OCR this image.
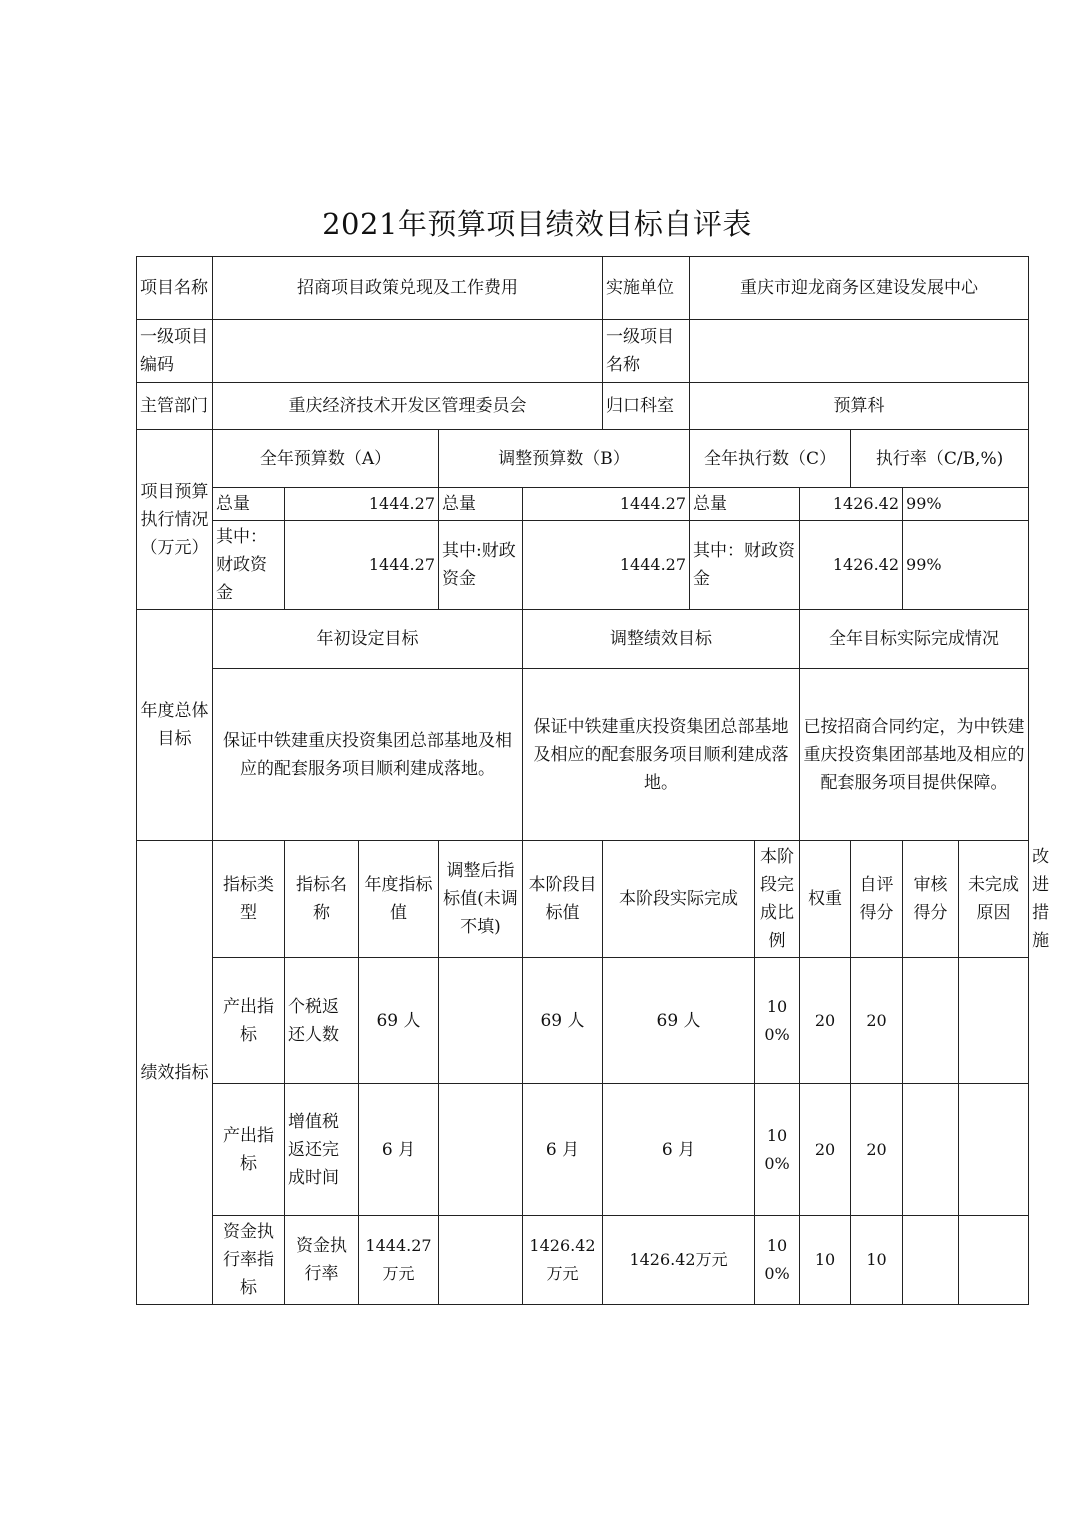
2021年预算项目绩效目标自评表
项目名称	招商项目政策兑现及工作费用					实施单位	重庆市迎龙商务区建设发展中心						
一级项目编码						一级项目名称							
主管部门	重庆经济技术开发区管理委员会					归口科室	预算科						
项目预算执行情况（万元）	全年预算数（A）			调整预算数（B）			全年执行数（C）			执行率（C/B,%)			
	总量	1444.27		总量	1444.27		总量		1426.42		99%		
	其中：财政资金	1444.27		其中:财政资金	1444.27		其中：财政资金		1426.42		99%		
年度总体目标	年初设定目标				调整绩效目标				全年目标实际完成情况				
	保证中铁建重庆投资集团总部基地及相应的配套服务项目顺利建成落地。				保证中铁建重庆投资集团总部基地及相应的配套服务项目顺利建成落地。				已按招商合同约定，为中铁建重庆投资集团部基地及相应的配套服务项目提供保障。				
绩效指标	指标类型	指标名称	年度指标值	调整后指标值(未调不填)	本阶段目标值	本阶段实际完成		本阶段完成比例	权重	自评得分	审核得分	未完成原因	改进措施
	产出指标	个税返还人数	69 人		69 人	69 人		100%	20	20			
	产出指标	增值税返还完成时间	6 月		6 月	6 月		100%	20	20			
	资金执行率指标	资金执行率	1444.27万元		1426.42万元	1426.42万元		100%	10	10			
